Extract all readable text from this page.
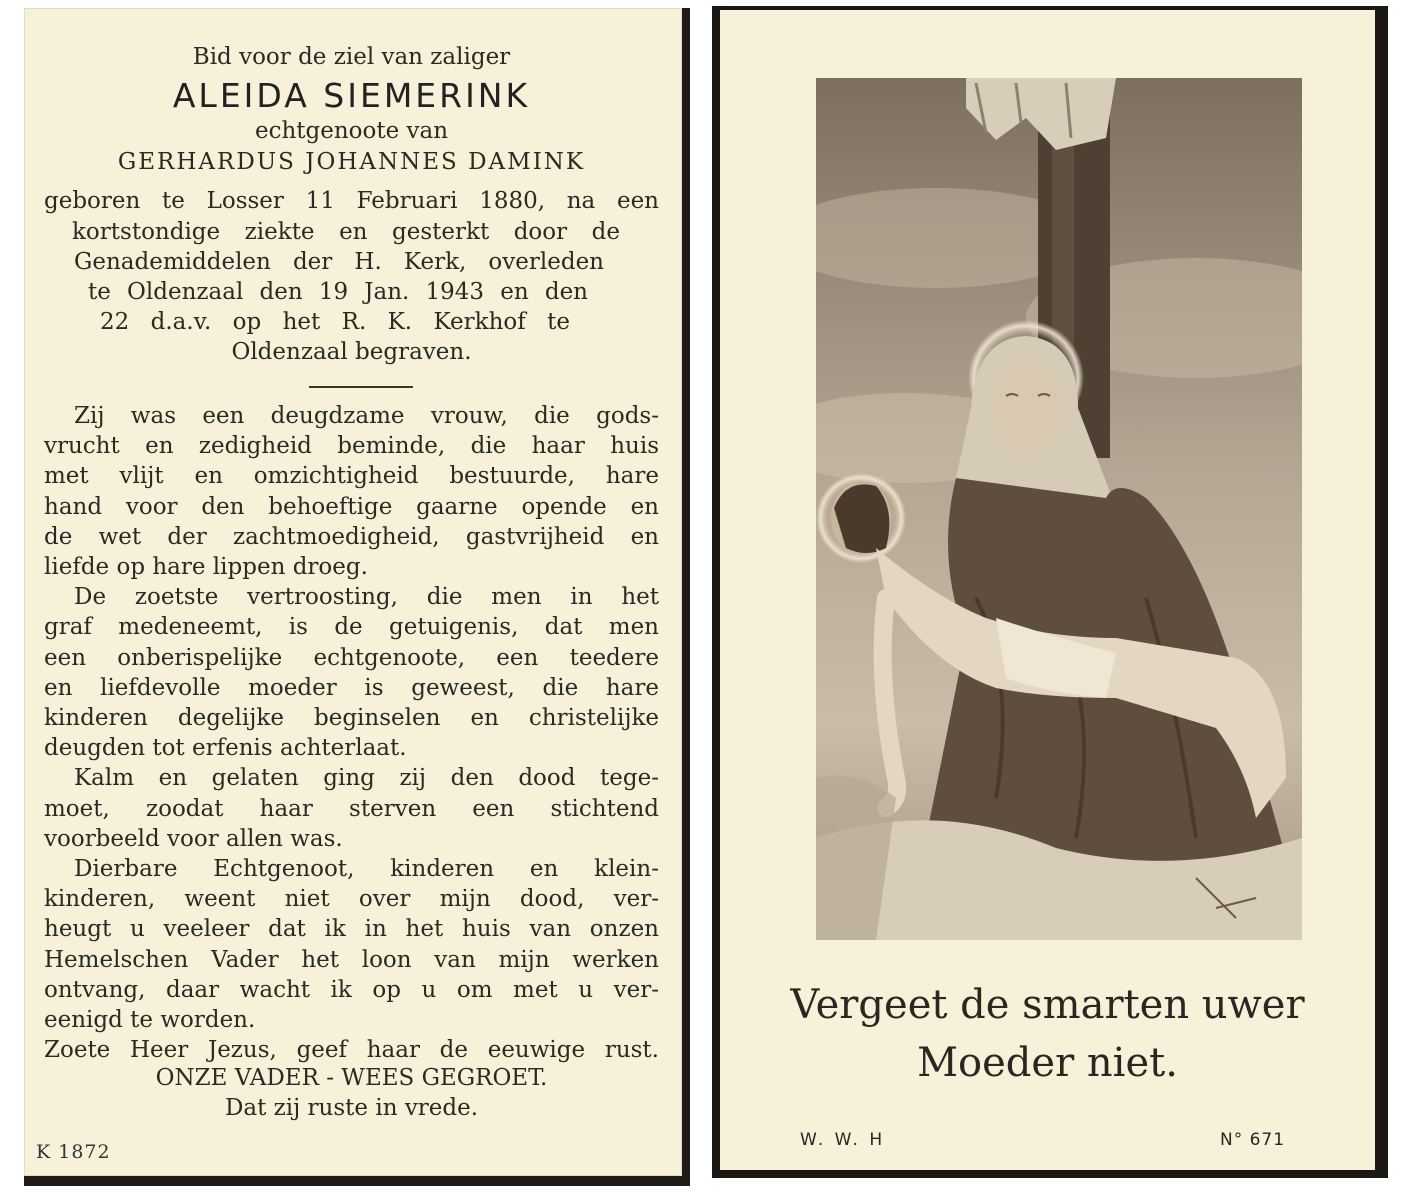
Bid voor de ziel van zaliger
ALEIDA SIEMERINK
echtgenoote van
GERHARDUS JOHANNES DAMINK
geboren te Losser 11 Februari 1880, na een
kortstondige ziekte en gesterkt door de
Genademiddelen der H. Kerk, overleden
te Oldenzaal den 19 Jan. 1943 en den
22 d.a.v. op het R. K. Kerkhof te
Oldenzaal begraven.
Zij was een deugdzame vrouw, die gods-
vrucht en zedigheid beminde, die haar huis
met vlijt en omzichtigheid bestuurde, hare
hand voor den behoeftige gaarne opende en
de wet der zachtmoedigheid, gastvrijheid en
liefde op hare lippen droeg.
De zoetste vertroosting, die men in het
graf medeneemt, is de getuigenis, dat men
een onberispelijke echtgenoote, een teedere
en liefdevolle moeder is geweest, die hare
kinderen degelijke beginselen en christelijke
deugden tot erfenis achterlaat.
Kalm en gelaten ging zij den dood tege-
moet, zoodat haar sterven een stichtend
voorbeeld voor allen was.
Dierbare Echtgenoot, kinderen en klein-
kinderen, weent niet over mijn dood, ver-
heugt u veeleer dat ik in het huis van onzen
Hemelschen Vader het loon van mijn werken
ontvang, daar wacht ik op u om met u ver-
eenigd te worden.
Zoete Heer Jezus, geef haar de eeuwige rust.
ONZE VADER - WEES GEGROET.
Dat zij ruste in vrede.
K 1872
Vergeet de smarten uwer
Moeder niet.
W. W. H	N° 671
